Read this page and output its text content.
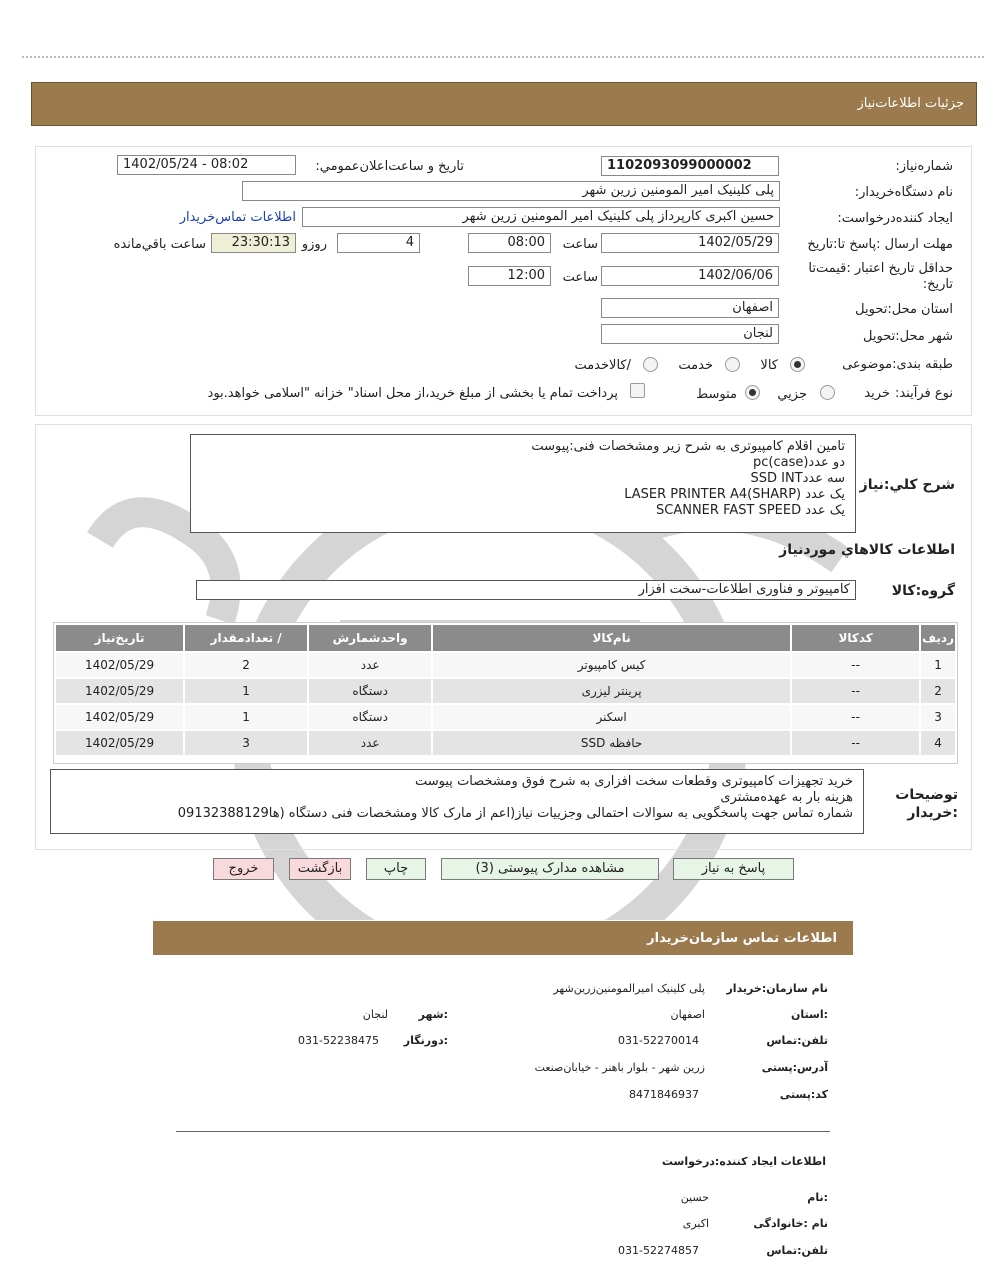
جزئیات اطلاعات‌نیاز
شماره‌نیاز:
1102093099000002
تاریخ و ساعت‌اعلان‌عمومي:
1402/05/24 - 08:02
نام دستگاه‌خریدار:
پلی کلینیک امیر المومنین زرین شهر
ایجاد کننده‌درخواست:
حسین اکبری کارپرداز پلی کلینیک امیر المومنین زرین شهر
اطلاعات تماس‌خریدار
مهلت ارسال :پاسخ تا:تاریخ
1402/05/29
ساعت
08:00
4
روزو
23:30:13
ساعت باقي‌مانده
حداقل تاریخ اعتبار :قیمت‌تا تاریخ:
1402/06/06
ساعت
12:00
استان محل:تحویل
اصفهان
شهر محل:تحویل
لنجان
طبقه بندی:موضوعی
کالا
خدمت
/کالاخدمت
نوع فرآیند:
خرید
جزيي
متوسط
پرداخت تمام یا بخشی از مبلغ خرید،از محل اسناد" خزانه "اسلامی خواهد.بود
شرح کلي:نیاز
تامین اقلام کامپیوتری به شرح زیر ومشخصات فنی:پیوست
دو عدد(pc(case
سه عددSSD INT
یک عدد LASER PRINTER A4(SHARP)
یک عدد SCANNER FAST SPEED
اطلاعات کالاهاي موردنیاز
گروه:کالا
کامپیوتر و فناوری اطلاعات-سخت افزار
ردیف	کدکالا	نام‌کالا	واحدشمارش	/ تعدادمقدار	تاریخ‌نیاز
1	--	کیس کامپیوتر	عدد	2	1402/05/29
2	--	پرینتر لیزری	دستگاه	1	1402/05/29
3	--	اسکنر	دستگاه	1	1402/05/29
4	--	حافظه SSD	عدد	3	1402/05/29
توضیحات :خریدار
خرید تجهیزات کامپیوتری وقطعات سخت افزاری به شرح فوق ومشخصات پیوست
هزینه بار به عهده‌مشتری
شماره تماس جهت پاسخگویی به سوالات احتمالی وجزییات نیاز(اعم از مارک کالا ومشخصات فنی دستگاه (ها09132388129
پاسخ به نیاز
مشاهده مدارک پیوستی (3)
چاپ
بازگشت
خروج
اطلاعات تماس سازمان‌خریدار
نام سازمان:خریدار
پلی کلینیک امیرالمومنین‌زرین‌شهر
:استان
اصفهان
:شهر
لنجان
تلفن:تماس
031-52270014
:دورنگار
031-52238475
آدرس:پستی
زرین شهر - بلوار باهنر - خیابان‌صنعت
کد:پستی
8471846937
اطلاعات ایجاد کننده:درخواست
:نام
حسین
نام :خانوادگی
اکبری
تلفن:تماس
031-52274857
